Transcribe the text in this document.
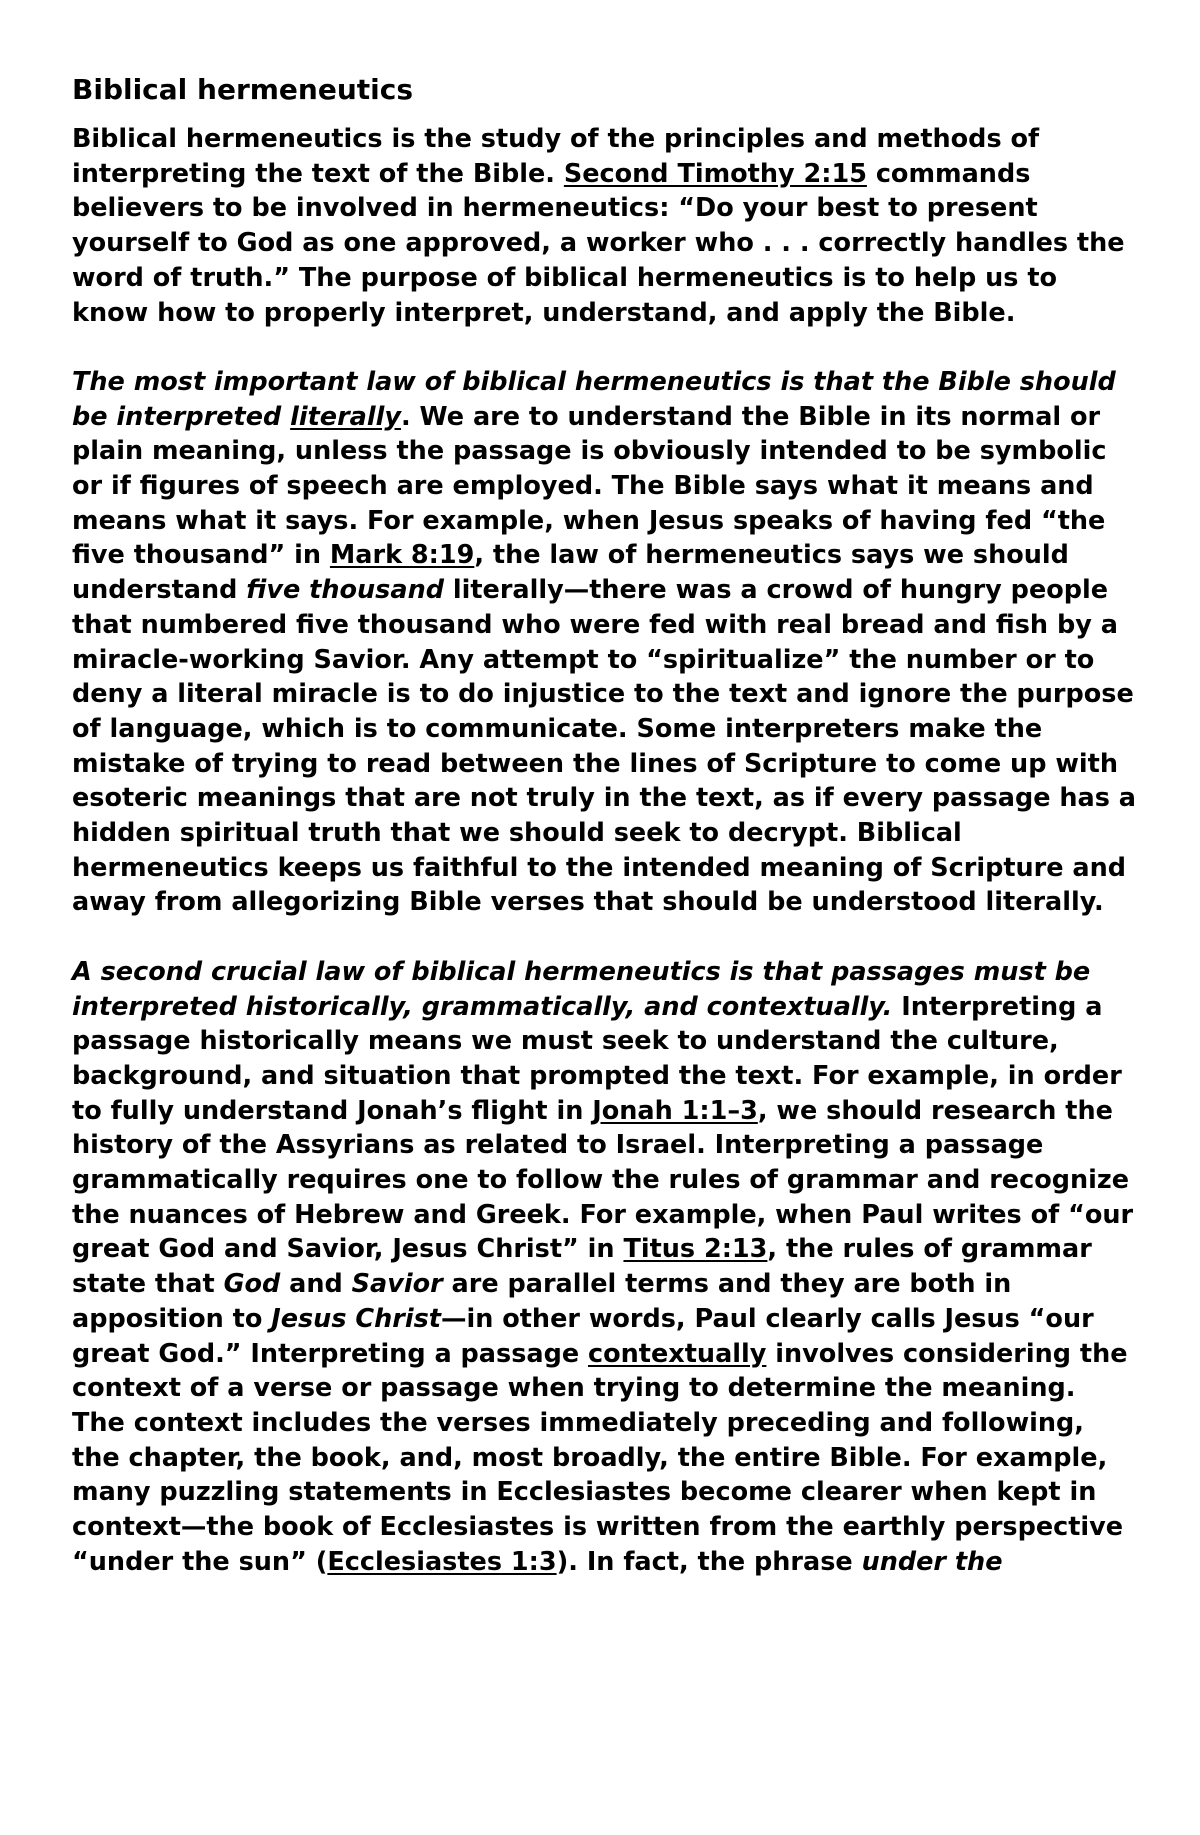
Biblical hermeneutics

Biblical hermeneutics is the study of the principles and methods of interpreting the text of the Bible. Second Timothy 2:15 commands believers to be involved in hermeneutics: “Do your best to present yourself to God as one approved, a worker who . . . correctly handles the word of truth.” The purpose of biblical hermeneutics is to help us to know how to properly interpret, understand, and apply the Bible.

The most important law of biblical hermeneutics is that the Bible should be interpreted literally. We are to understand the Bible in its normal or plain meaning, unless the passage is obviously intended to be symbolic or if figures of speech are employed. The Bible says what it means and means what it says. For example, when Jesus speaks of having fed “the five thousand” in Mark 8:19, the law of hermeneutics says we should understand five thousand literally—there was a crowd of hungry people that numbered five thousand who were fed with real bread and fish by a miracle-working Savior. Any attempt to “spiritualize” the number or to deny a literal miracle is to do injustice to the text and ignore the purpose of language, which is to communicate. Some interpreters make the mistake of trying to read between the lines of Scripture to come up with esoteric meanings that are not truly in the text, as if every passage has a hidden spiritual truth that we should seek to decrypt. Biblical hermeneutics keeps us faithful to the intended meaning of Scripture and away from allegorizing Bible verses that should be understood literally.

A second crucial law of biblical hermeneutics is that passages must be interpreted historically, grammatically, and contextually. Interpreting a passage historically means we must seek to understand the culture, background, and situation that prompted the text. For example, in order to fully understand Jonah’s flight in Jonah 1:1–3, we should research the history of the Assyrians as related to Israel. Interpreting a passage grammatically requires one to follow the rules of grammar and recognize the nuances of Hebrew and Greek. For example, when Paul writes of “our great God and Savior, Jesus Christ” in Titus 2:13, the rules of grammar state that God and Savior are parallel terms and they are both in apposition to Jesus Christ—in other words, Paul clearly calls Jesus “our great God.” Interpreting a passage contextually involves considering the context of a verse or passage when trying to determine the meaning. The context includes the verses immediately preceding and following, the chapter, the book, and, most broadly, the entire Bible. For example, many puzzling statements in Ecclesiastes become clearer when kept in context—the book of Ecclesiastes is written from the earthly perspective “under the sun” (Ecclesiastes 1:3). In fact, the phrase under the
